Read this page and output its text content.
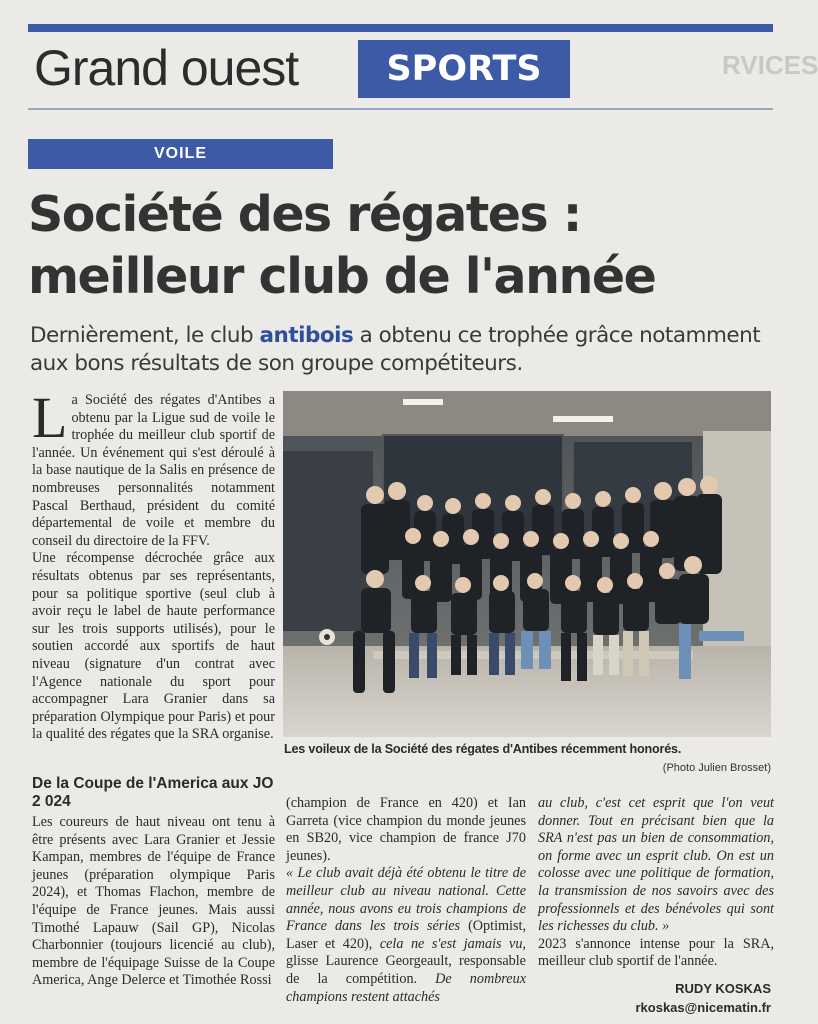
Grand ouest	SPORTS	RVICES
VOILE
Société des régates : meilleur club de l'année

Dernièrement, le club antibois a obtenu ce trophée grâce notamment aux bons résultats de son groupe compétiteurs.

La Société des régates d'Antibes a obtenu par la Ligue sud de voile le trophée du meilleur club sportif de l'année. Un événement qui s'est déroulé à la base nautique de la Salis en présence de nombreuses personnalités notamment Pascal Berthaud, président du comité départemental de voile et membre du conseil du directoire de la FFV.

Une récompense décrochée grâce aux résultats obtenus par ses représentants, pour sa politique sportive (seul club à avoir reçu le label de haute performance sur les trois supports utilisés), pour le soutien accordé aux sportifs de haut niveau (signature d'un contrat avec l'Agence nationale du sport pour accompagner Lara Granier dans sa préparation Olympique pour Paris) et pour la qualité des régates que la SRA organise.

Les voileux de la Société des régates d'Antibes récemment honorés.
(Photo Julien Brosset)
De la Coupe de l'America aux JO 2 024
Les coureurs de haut niveau ont tenu à être présents avec Lara Granier et Jessie Kampan, membres de l'équipe de France jeunes (préparation olympique Paris 2024), et Thomas Flachon, membre de l'équipe de France jeunes. Mais aussi Timothé Lapauw (Sail GP), Nicolas Charbonnier (toujours licencié au club), membre de l'équipage Suisse de la Coupe America, Ange Delerce et Timothée Rossi

(champion de France en 420) et Ian Garreta (vice champion du monde jeunes en SB20, vice champion de france J70 jeunes).
« Le club avait déjà été obtenu le titre de meilleur club au niveau national. Cette année, nous avons eu trois champions de France dans les trois séries (Optimist, Laser et 420), cela ne s'est jamais vu, glisse Laurence Georgeault, responsable de la compétition. De nombreux champions restent attachés

au club, c'est cet esprit que l'on veut donner. Tout en précisant bien que la SRA n'est pas un bien de consommation, on forme avec un esprit club. On est un colosse avec une politique de formation, la transmission de nos savoirs avec des professionnels et des bénévoles qui sont les richesses du club. »

2023 s'annonce intense pour la SRA, meilleur club sportif de l'année.

RUDY KOSKAS
rkoskas@nicematin.fr
